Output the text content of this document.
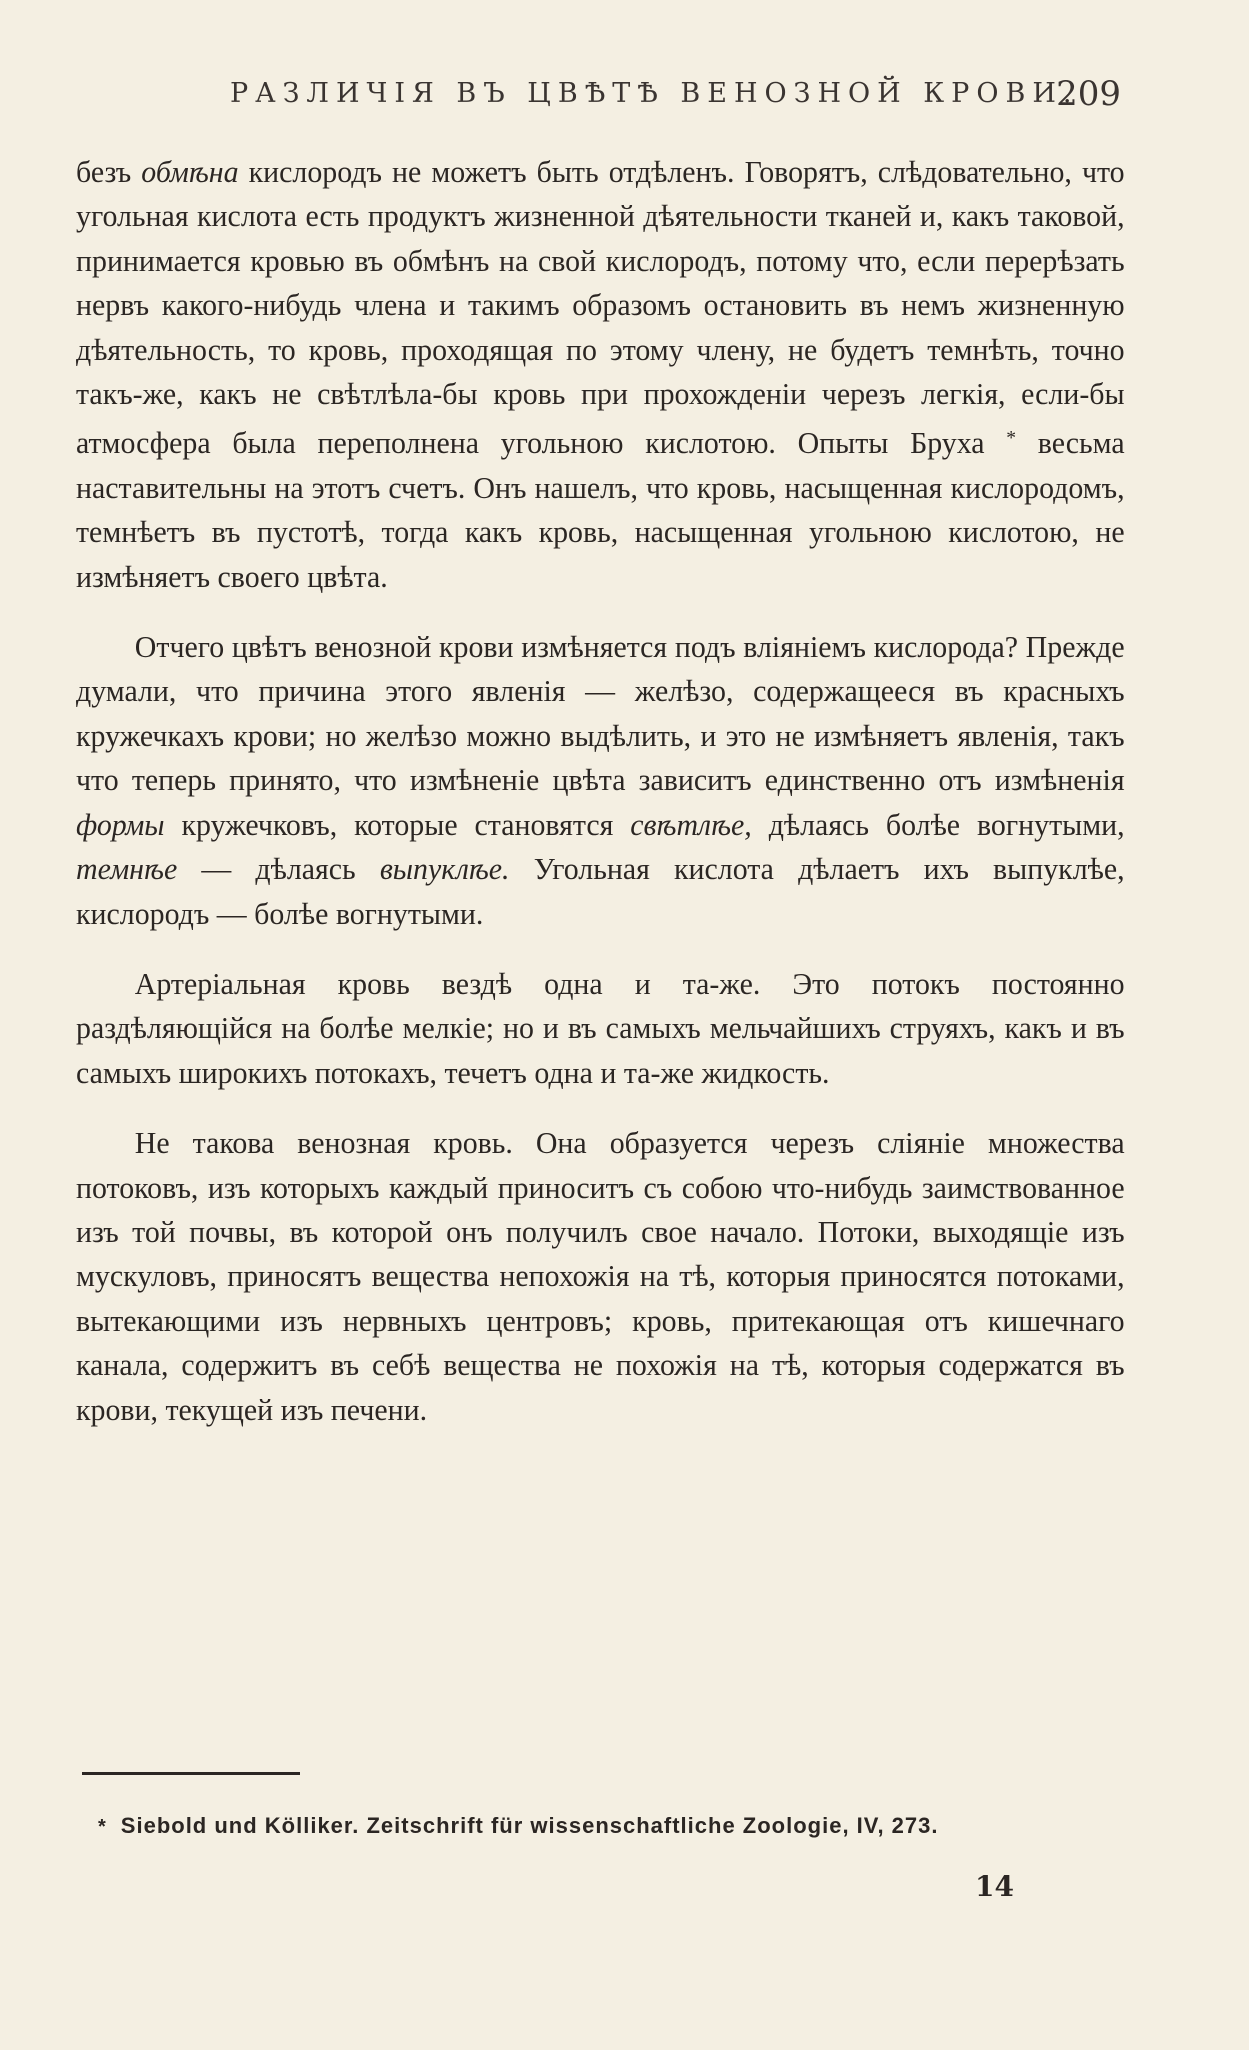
РАЗЛИЧІЯ ВЪ ЦВѢТѢ ВЕНОЗНОЙ КРОВИ.
209

безъ обмѣна кислородъ не можетъ быть отдѣленъ. Говорятъ, слѣдовательно, что угольная кислота есть продуктъ жизненной дѣятельности тканей и, какъ таковой, принимается кровью въ обмѣнъ на свой кислородъ, потому что, если перерѣзать нервъ какого-нибудь члена и такимъ образомъ остановить въ немъ жизненную дѣятельность, то кровь, проходящая по этому члену, не будетъ темнѣть, точно такъ-же, какъ не свѣтлѣла-бы кровь при прохожденіи черезъ легкія, если-бы атмосфера была переполнена угольною кислотою. Опыты Бруха * весьма наставительны на этотъ счетъ. Онъ нашелъ, что кровь, насыщенная кислородомъ, темнѣетъ въ пустотѣ, тогда какъ кровь, насыщенная угольною кислотою, не измѣняетъ своего цвѣта.

Отчего цвѣтъ венозной крови измѣняется подъ вліяніемъ кислорода? Прежде думали, что причина этого явленія — желѣзо, содержащееся въ красныхъ кружечкахъ крови; но желѣзо можно выдѣлить, и это не измѣняетъ явленія, такъ что теперь принято, что измѣненіе цвѣта зависитъ единственно отъ измѣненія формы кружечковъ, которые становятся свѣтлѣе, дѣлаясь болѣе вогнутыми, темнѣе — дѣлаясь выпуклѣе. Угольная кислота дѣлаетъ ихъ выпуклѣе, кислородъ — болѣе вогнутыми.

Артеріальная кровь вездѣ одна и та-же. Это потокъ постоянно раздѣляющійся на болѣе мелкіе; но и въ самыхъ мельчайшихъ струяхъ, какъ и въ самыхъ широкихъ потокахъ, течетъ одна и та-же жидкость.

Не такова венозная кровь. Она образуется черезъ сліяніе множества потоковъ, изъ которыхъ каждый приноситъ съ собою что-нибудь заимствованное изъ той почвы, въ которой онъ получилъ свое начало. Потоки, выходящіе изъ мускуловъ, приносятъ вещества непохожія на тѣ, которыя приносятся потоками, вытекающими изъ нервныхъ центровъ; кровь, притекающая отъ кишечнаго канала, содержитъ въ себѣ вещества не похожія на тѣ, которыя содержатся въ крови, текущей изъ печени.

* Siebold und Kölliker. Zeitschrift für wissenschaftliche Zoologie, IV, 273.
14
